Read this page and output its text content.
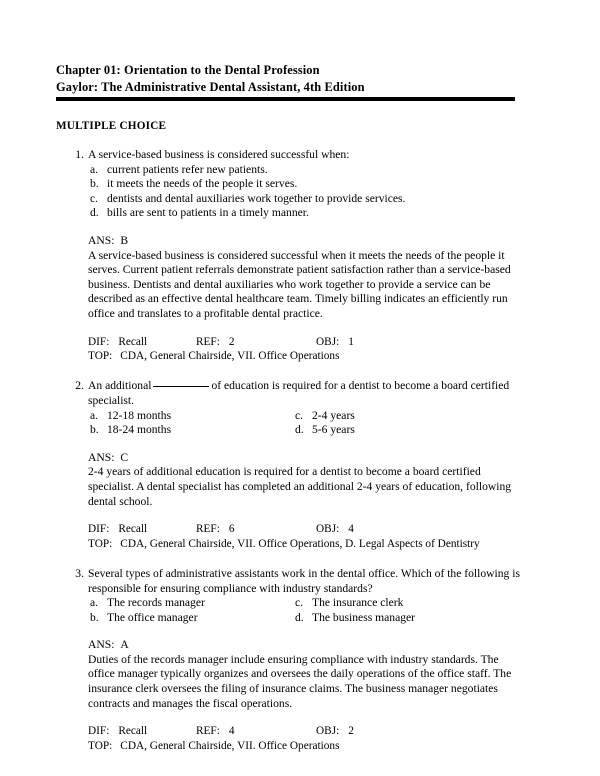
Chapter 01: Orientation to the Dental Profession
Gaylor: The Administrative Dental Assistant, 4th Edition
MULTIPLE CHOICE
1. A service-based business is considered successful when:
a. current patients refer new patients.
b. it meets the needs of the people it serves.
c. dentists and dental auxiliaries work together to provide services.
d. bills are sent to patients in a timely manner.
ANS: B
A service-based business is considered successful when it meets the needs of the people it serves. Current patient referrals demonstrate patient satisfaction rather than a service-based business. Dentists and dental auxiliaries who work together to provide a service can be described as an effective dental healthcare team. Timely billing indicates an efficiently run office and translates to a profitable dental practice.
DIF: Recall	REF: 2	OBJ: 1
TOP: CDA, General Chairside, VII. Office Operations
2. An additional	of education is required for a dentist to become a board certified specialist.
a. 12-18 months	c. 2-4 years
b. 18-24 months	d. 5-6 years
ANS: C
2-4 years of additional education is required for a dentist to become a board certified specialist. A dental specialist has completed an additional 2-4 years of education, following dental school.
DIF: Recall	REF: 6	OBJ: 4
TOP: CDA, General Chairside, VII. Office Operations, D. Legal Aspects of Dentistry
3. Several types of administrative assistants work in the dental office. Which of the following is responsible for ensuring compliance with industry standards?
a. The records manager	c. The insurance clerk
b. The office manager	d. The business manager
ANS: A
Duties of the records manager include ensuring compliance with industry standards. The office manager typically organizes and oversees the daily operations of the office staff. The insurance clerk oversees the filing of insurance claims. The business manager negotiates contracts and manages the fiscal operations.
DIF: Recall	REF: 4	OBJ: 2
TOP: CDA, General Chairside, VII. Office Operations
